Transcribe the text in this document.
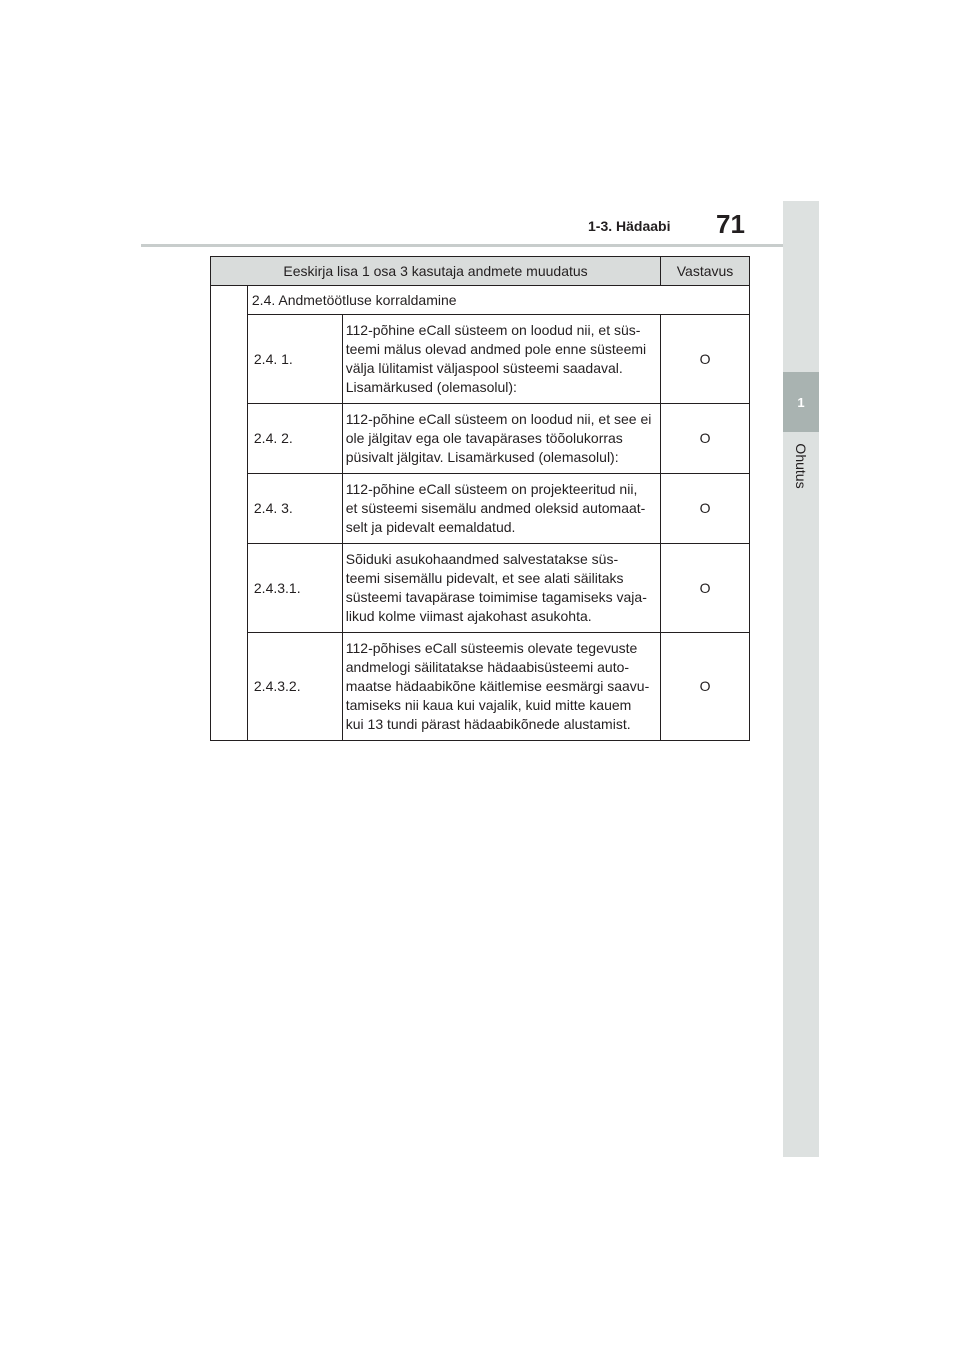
1
Ohutus
1-3. Hädaabi 71
Eeskirja lisa 1 osa 3 kasutaja andmete muudatus			Vastavus
	2.4. Andmetöötluse korraldamine		
	2.4. 1.	112-põhine eCall süsteem on loodud nii, et süs-
teemi mälus olevad andmed pole enne süsteemi
välja lülitamist väljaspool süsteemi saadaval.
Lisamärkused (olemasolul):	O
	2.4. 2.	112-põhine eCall süsteem on loodud nii, et see ei
ole jälgitav ega ole tavapärases töõolukorras
püsivalt jälgitav. Lisamärkused (olemasolul):	O
	2.4. 3.	112-põhine eCall süsteem on projekteeritud nii,
et süsteemi sisemälu andmed oleksid automaat-
selt ja pidevalt eemaldatud.	O
	2.4.3.1.	Sõiduki asukohaandmed salvestatakse süs-
teemi sisemällu pidevalt, et see alati säilitaks
süsteemi tavapärase toimimise tagamiseks vaja-
likud kolme viimast ajakohast asukohta.	O
	2.4.3.2.	112-põhises eCall süsteemis olevate tegevuste
andmelogi säilitatakse hädaabisüsteemi auto-
maatse hädaabikõne käitlemise eesmärgi saavu-
tamiseks nii kaua kui vajalik, kuid mitte kauem
kui 13 tundi pärast hädaabikõnede alustamist.	O
